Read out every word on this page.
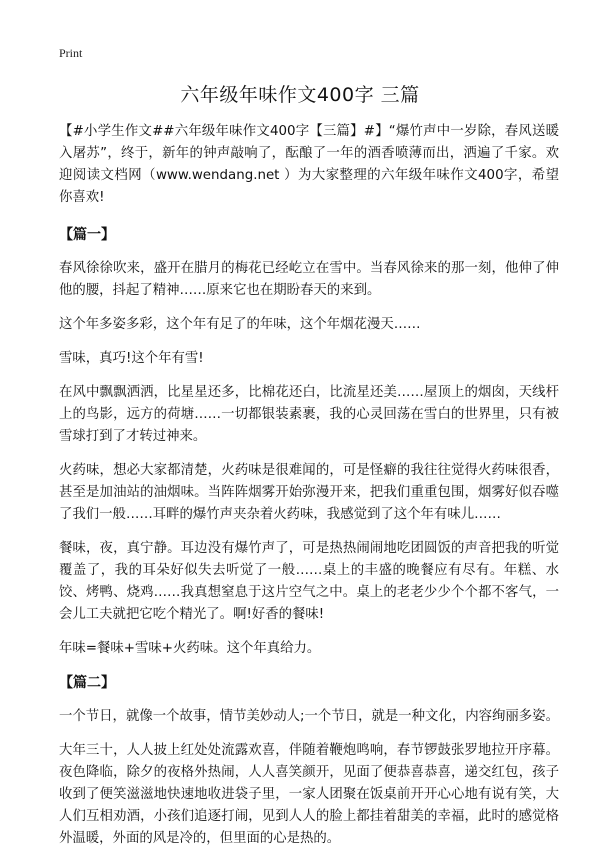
Print
六年级年味作文400字 三篇

【#小学生作文##六年级年味作文400字【三篇】#】“爆竹声中一岁除，春风送暖入屠苏”，终于，新年的钟声敲响了，酝酿了一年的酒香喷薄而出，洒遍了千家。欢迎阅读文档网（www.wendang.net ）为大家整理的六年级年味作文400字，希望你喜欢!

【篇一】

春风徐徐吹来，盛开在腊月的梅花已经屹立在雪中。当春风徐来的那一刻，他伸了伸他的腰，抖起了精神……原来它也在期盼春天的来到。

这个年多姿多彩，这个年有足了的年味，这个年烟花漫天……

雪味，真巧!这个年有雪!

在风中飘飘洒洒，比星星还多，比棉花还白，比流星还美……屋顶上的烟囱，天线杆上的鸟影，远方的荷塘……一切都银装素裹，我的心灵回荡在雪白的世界里，只有被雪球打到了才转过神来。

火药味，想必大家都清楚，火药味是很难闻的，可是怪癖的我往往觉得火药味很香，甚至是加油站的油烟味。当阵阵烟雾开始弥漫开来，把我们重重包围，烟雾好似吞噬了我们一般……耳畔的爆竹声夹杂着火药味，我感觉到了这个年有味儿……

餐味，夜，真宁静。耳边没有爆竹声了，可是热热闹闹地吃团圆饭的声音把我的听觉覆盖了，我的耳朵好似失去听觉了一般……桌上的丰盛的晚餐应有尽有。年糕、水饺、烤鸭、烧鸡……我真想窒息于这片空气之中。桌上的老老少少个个都不客气，一会儿工夫就把它吃个精光了。啊!好香的餐味!

年味=餐味+雪味+火药味。这个年真给力。

【篇二】

一个节日，就像一个故事，情节美妙动人;一个节日，就是一种文化，内容绚丽多姿。

大年三十，人人披上红处处流露欢喜，伴随着鞭炮鸣响，春节锣鼓张罗地拉开序幕。夜色降临，除夕的夜格外热闹，人人喜笑颜开，见面了便恭喜恭喜，递交红包，孩子收到了便笑滋滋地快速地收进袋子里，一家人团聚在饭桌前开开心心地有说有笑，大人们互相劝酒，小孩们追逐打闹，见到人人的脸上都挂着甜美的幸福，此时的感觉格外温暖，外面的风是冷的，但里面的心是热的。
